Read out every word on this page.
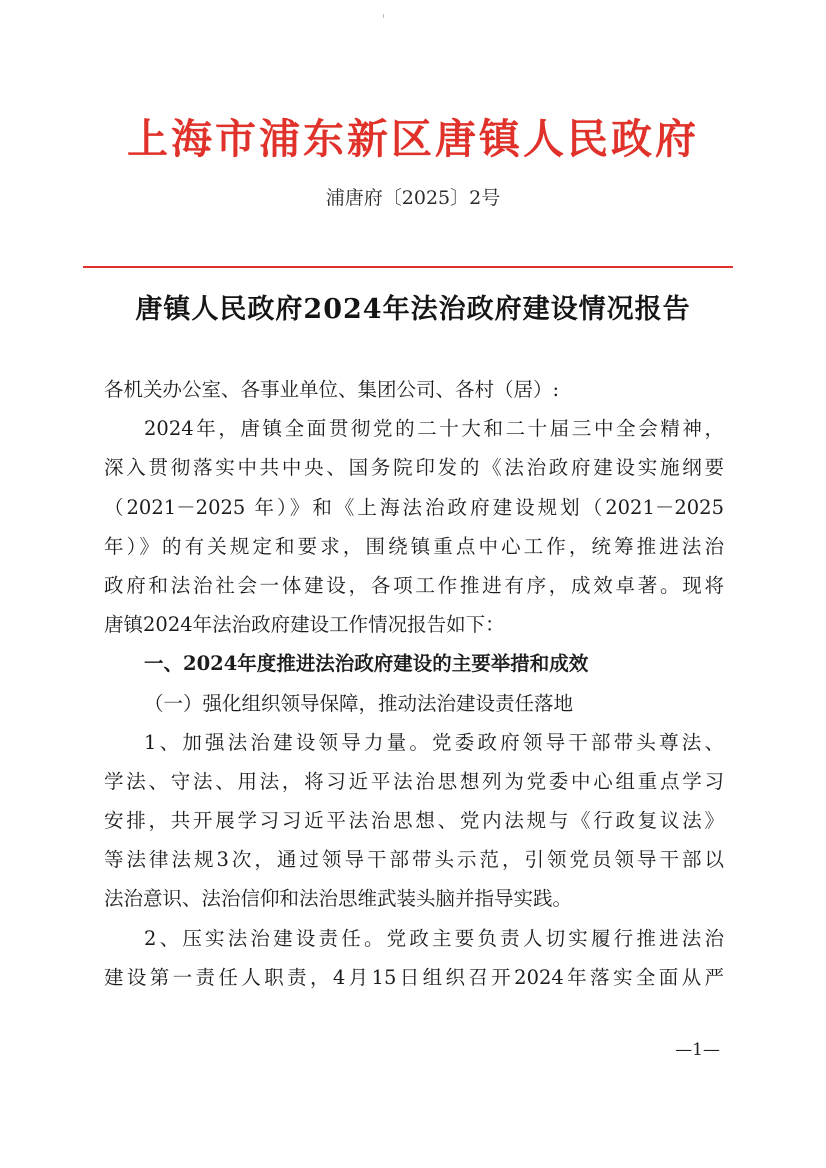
上海市浦东新区唐镇人民政府
浦唐府〔2025〕2号
唐镇人民政府2024年法治政府建设情况报告
各机关办公室、各事业单位、集团公司、各村（居）:
2024年，唐镇全面贯彻党的二十大和二十届三中全会精神，
深入贯彻落实中共中央、国务院印发的《法治政府建设实施纲要
（2021－2025 年）》和《上海法治政府建设规划（2021－2025
年）》的有关规定和要求，围绕镇重点中心工作，统筹推进法治
政府和法治社会一体建设，各项工作推进有序，成效卓著。现将
唐镇2024年法治政府建设工作情况报告如下：
一、2024年度推进法治政府建设的主要举措和成效
（一）强化组织领导保障，推动法治建设责任落地
1、加强法治建设领导力量。党委政府领导干部带头尊法、
学法、守法、用法，将习近平法治思想列为党委中心组重点学习
安排，共开展学习习近平法治思想、党内法规与《行政复议法》
等法律法规3次，通过领导干部带头示范，引领党员领导干部以
法治意识、法治信仰和法治思维武装头脑并指导实践。
2、压实法治建设责任。党政主要负责人切实履行推进法治
建设第一责任人职责，4月15日组织召开2024年落实全面从严
—1—
